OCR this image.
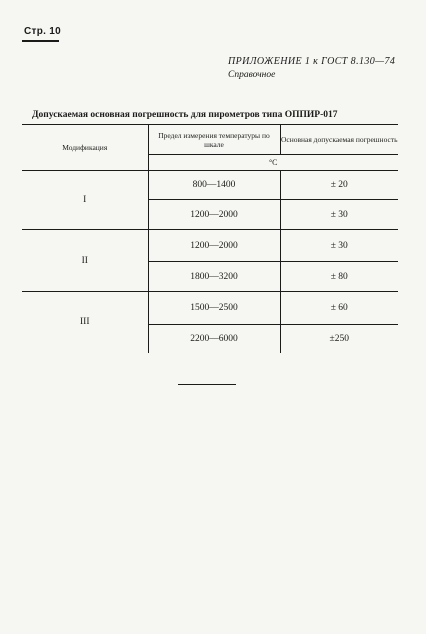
Стр. 10
ПРИЛОЖЕНИЕ 1 к ГОСТ 8.130—74
Справочное
Допускаемая основная погрешность для пирометров типа ОППИР-017
Модификация	Предел измерения температуры по шкале	Основная допускаемая погрешность
	°С	
I	800—1400	± 20
	1200—2000	± 30
II	1200—2000	± 30
	1800—3200	± 80
III	1500—2500	± 60
	2200—6000	±250
